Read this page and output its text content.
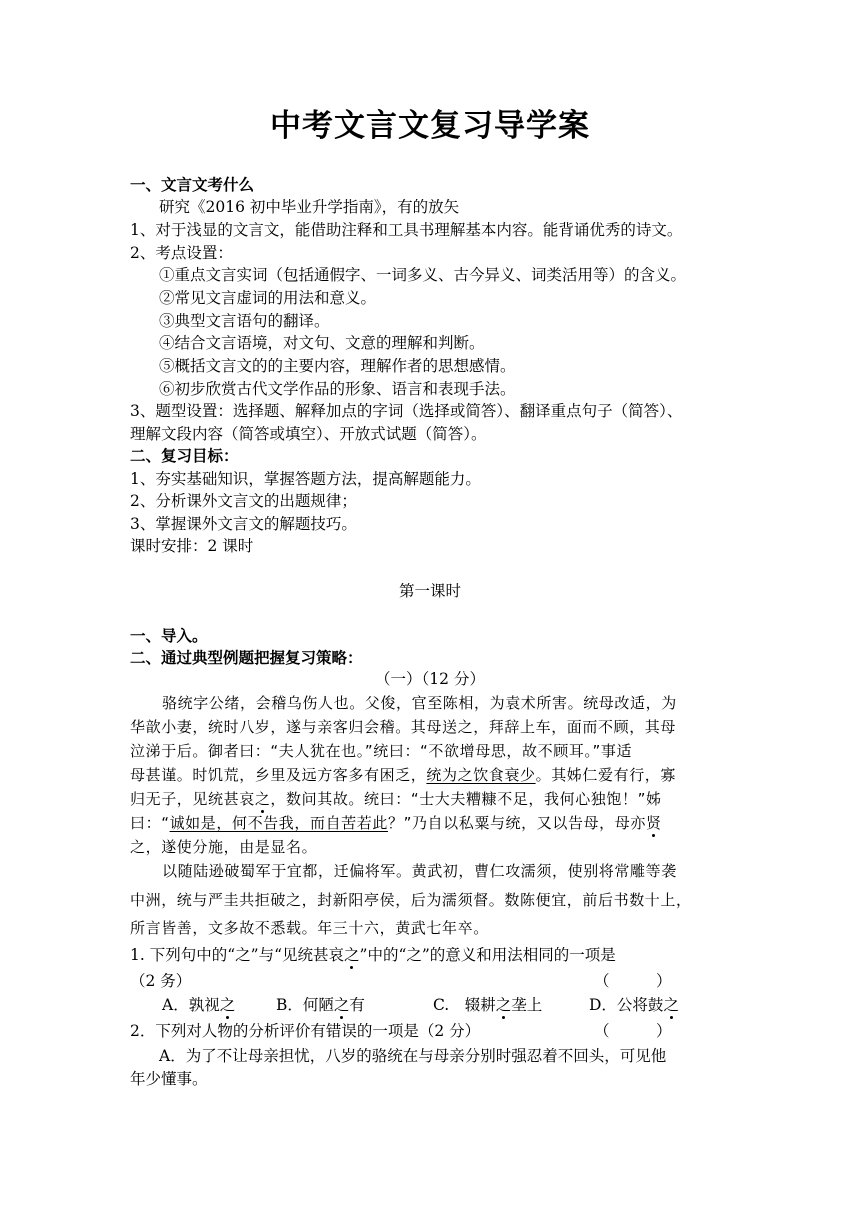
中考文言文复习导学案
一、文言文考什么
研究《2016 初中毕业升学指南》，有的放矢
1、对于浅显的文言文，能借助注释和工具书理解基本内容。能背诵优秀的诗文。
2、考点设置：
①重点文言实词（包括通假字、一词多义、古今异义、词类活用等）的含义。
②常见文言虚词的用法和意义。
③典型文言语句的翻译。
④结合文言语境，对文句、文意的理解和判断。
⑤概括文言文的的主要内容，理解作者的思想感情。
⑥初步欣赏古代文学作品的形象、语言和表现手法。
3、题型设置：选择题、解释加点的字词（选择或简答）、翻译重点句子（简答）、
理解文段内容（简答或填空）、开放式试题（简答）。
二、复习目标：
1、夯实基础知识，掌握答题方法，提高解题能力。
2、分析课外文言文的出题规律；
3、掌握课外文言文的解题技巧。
课时安排：2 课时
第一课时
一、导入。
二、通过典型例题把握复习策略：
（一）（12 分）
骆统字公绪，会稽乌伤人也。父俊，官至陈相，为袁术所害。统母改适，为
华歆小妻，统时八岁，遂与亲客归会稽。其母送之，拜辞上车，面而不顾，其母
泣涕于后。御者曰：“夫人犹在也。”统曰：“不欲增母思，故不顾耳。”事适
母甚谨。时饥荒，乡里及远方客多有困乏，统为之饮食衰少。其姊仁爱有行，寡
归无子，见统甚哀之，数问其故。统曰：“士大夫糟糠不足，我何心独饱！”姊
曰：“诚如是，何不告我，而自苦若此？”乃自以私粟与统，又以告母，母亦贤
之，遂使分施，由是显名。
以随陆逊破蜀军于宜都，迁偏将军。黄武初，曹仁攻濡须，使别将常雕等袭
中洲，统与严圭共拒破之，封新阳亭侯，后为濡须督。数陈便宜，前后书数十上，
所言皆善，文多故不悉载。年三十六，黄武七年卒。
1. 下列句中的“之”与“见统甚哀之”中的“之”的意义和用法相同的一项是
（2 务）	（　　　）
A．孰视之	B．何陋之有	C.　辍耕之垄上	D．公将鼓之
2．下列对人物的分析评价有错误的一项是（2 分）	（　　　）
A．为了不让母亲担忧，八岁的骆统在与母亲分别时强忍着不回头，可见他
年少懂事。
